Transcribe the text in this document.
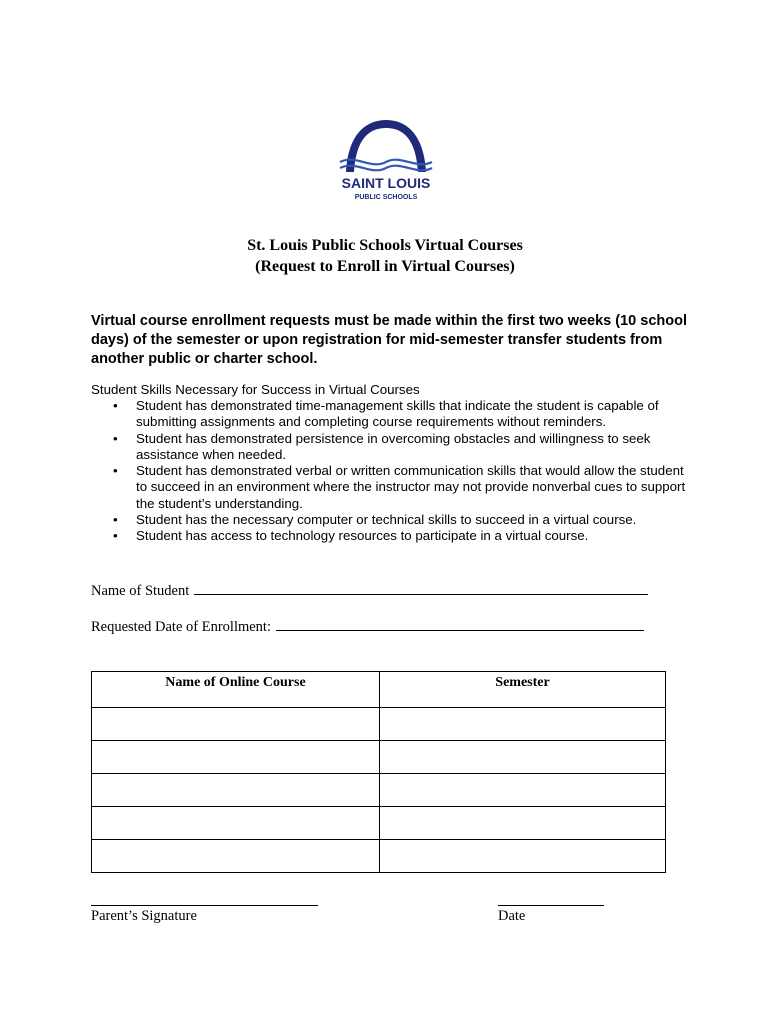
SAINT LOUIS
PUBLIC SCHOOLS
St. Louis Public Schools Virtual Courses
(Request to Enroll in Virtual Courses)
Virtual course enrollment requests must be made within the first two weeks (10 school days) of the semester or upon registration for mid-semester transfer students from another public or charter school.
Student Skills Necessary for Success in Virtual Courses
• Student has demonstrated time-management skills that indicate the student is capable of submitting assignments and completing course requirements without reminders.
• Student has demonstrated persistence in overcoming obstacles and willingness to seek assistance when needed.
• Student has demonstrated verbal or written communication skills that would allow the student to succeed in an environment where the instructor may not provide nonverbal cues to support the student’s understanding.
• Student has the necessary computer or technical skills to succeed in a virtual course.
• Student has access to technology resources to participate in a virtual course.
Name of Student
Requested Date of Enrollment:
Name of Online Course	Semester

Parent’s Signature	Date
